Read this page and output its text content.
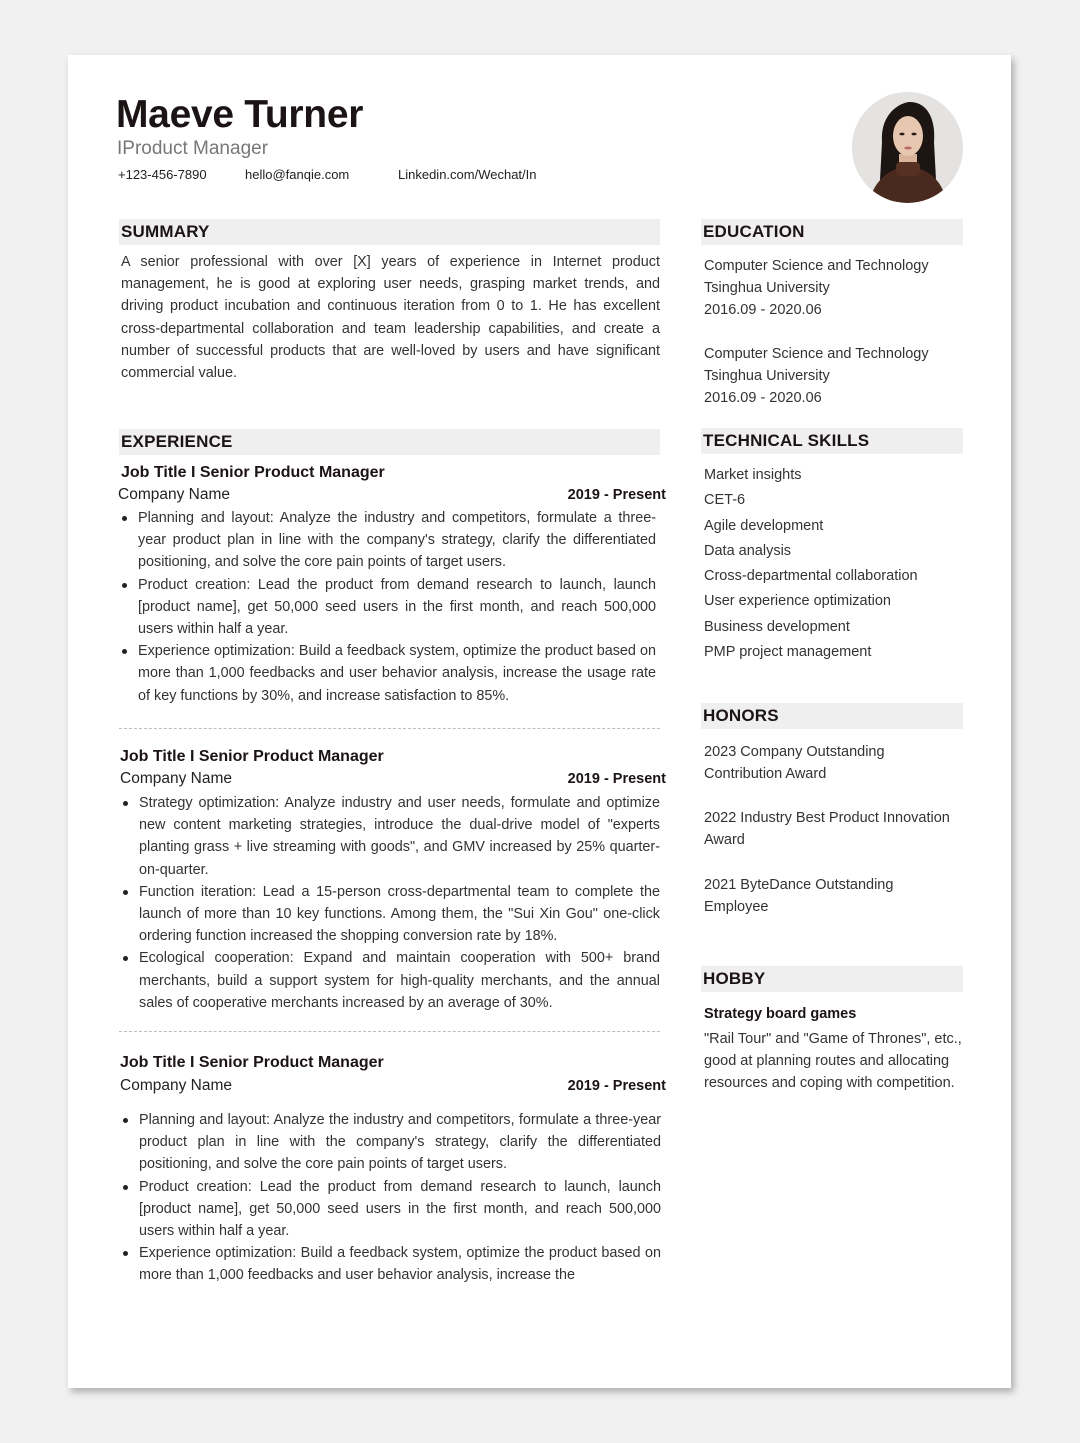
Maeve Turner
IProduct Manager
+123-456-7890	hello@fanqie.com	Linkedin.com/Wechat/In
SUMMARY
A senior professional with over [X] years of experience in Internet product management, he is good at exploring user needs, grasping market trends, and driving product incubation and continuous iteration from 0 to 1. He has excellent cross-departmental collaboration and team leadership capabilities, and create a number of successful products that are well-loved by users and have significant commercial value.
EXPERIENCE
Job Title I Senior Product Manager
Company Name	2019 - Present
Planning and layout: Analyze the industry and competitors, formulate a three-year product plan in line with the company's strategy, clarify the differentiated positioning, and solve the core pain points of target users.
Product creation: Lead the product from demand research to launch, launch [product name], get 50,000 seed users in the first month, and reach 500,000 users within half a year.
Experience optimization: Build a feedback system, optimize the product based on more than 1,000 feedbacks and user behavior analysis, increase the usage rate of key functions by 30%, and increase satisfaction to 85%.
Job Title I Senior Product Manager
Company Name	2019 - Present
Strategy optimization: Analyze industry and user needs, formulate and optimize new content marketing strategies, introduce the dual-drive model of "experts planting grass + live streaming with goods", and GMV increased by 25% quarter-on-quarter.
Function iteration: Lead a 15-person cross-departmental team to complete the launch of more than 10 key functions. Among them, the "Sui Xin Gou" one-click ordering function increased the shopping conversion rate by 18%.
Ecological cooperation: Expand and maintain cooperation with 500+ brand merchants, build a support system for high-quality merchants, and the annual sales of cooperative merchants increased by an average of 30%.
Job Title I Senior Product Manager
Company Name	2019 - Present
Planning and layout: Analyze the industry and competitors, formulate a three-year product plan in line with the company's strategy, clarify the differentiated positioning, and solve the core pain points of target users.
Product creation: Lead the product from demand research to launch, launch [product name], get 50,000 seed users in the first month, and reach 500,000 users within half a year.
Experience optimization: Build a feedback system, optimize the product based on more than 1,000 feedbacks and user behavior analysis, increase the
EDUCATION
Computer Science and Technology
Tsinghua University
2016.09 - 2020.06
Computer Science and Technology
Tsinghua University
2016.09 - 2020.06
TECHNICAL SKILLS
Market insights
CET-6
Agile development
Data analysis
Cross-departmental collaboration
User experience optimization
Business development
PMP project management
HONORS
2023 Company Outstanding Contribution Award
2022 Industry Best Product Innovation Award
2021 ByteDance Outstanding Employee
HOBBY
Strategy board games
"Rail Tour" and "Game of Thrones", etc., good at planning routes and allocating resources and coping with competition.
